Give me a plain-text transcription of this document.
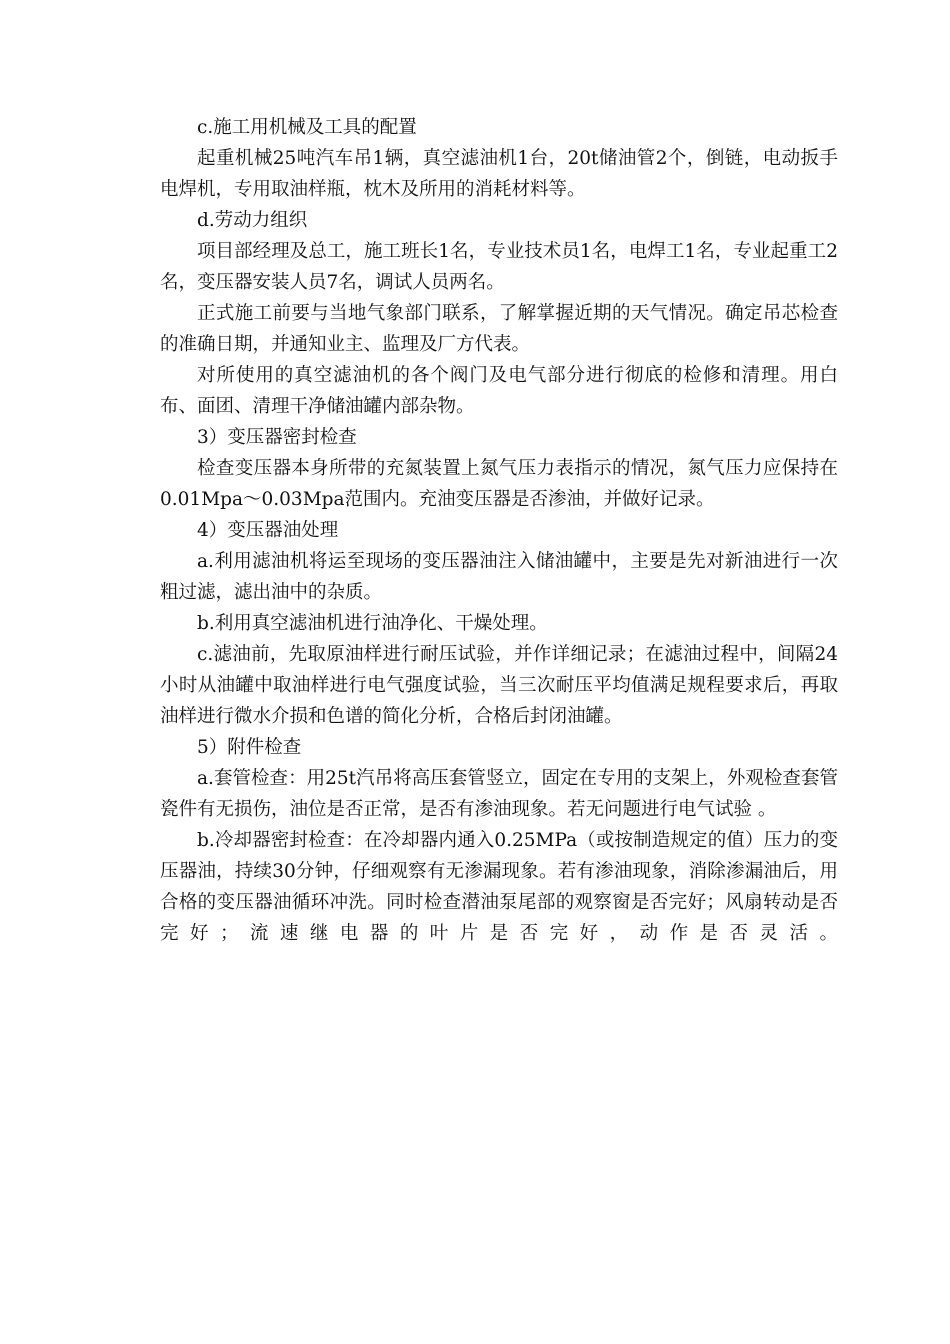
c.施工用机械及工具的配置

起重机械25吨汽车吊1辆，真空滤油机1台，20t储油管2个，倒链，电动扳手电焊机，专用取油样瓶，枕木及所用的消耗材料等。

d.劳动力组织

项目部经理及总工，施工班长1名，专业技术员1名，电焊工1名，专业起重工2名，变压器安装人员7名，调试人员两名。

正式施工前要与当地气象部门联系，了解掌握近期的天气情况。确定吊芯检查的准确日期，并通知业主、监理及厂方代表。

对所使用的真空滤油机的各个阀门及电气部分进行彻底的检修和清理。用白布、面团、清理干净储油罐内部杂物。

3）变压器密封检查

检查变压器本身所带的充氮装置上氮气压力表指示的情况，氮气压力应保持在0.01Mpa～0.03Mpa范围内。充油变压器是否渗油，并做好记录。

4）变压器油处理

a.利用滤油机将运至现场的变压器油注入储油罐中，主要是先对新油进行一次粗过滤，滤出油中的杂质。

b.利用真空滤油机进行油净化、干燥处理。

c.滤油前，先取原油样进行耐压试验，并作详细记录；在滤油过程中，间隔24小时从油罐中取油样进行电气强度试验，当三次耐压平均值满足规程要求后，再取油样进行微水介损和色谱的简化分析，合格后封闭油罐。

5）附件检查

a.套管检查：用25t汽吊将高压套管竖立，固定在专用的支架上，外观检查套管瓷件有无损伤，油位是否正常，是否有渗油现象。若无问题进行电气试验 。

b.冷却器密封检查：在冷却器内通入0.25MPa（或按制造规定的值）压力的变压器油，持续30分钟，仔细观察有无渗漏现象。若有渗油现象，消除渗漏油后，用合格的变压器油循环冲洗。同时检查潜油泵尾部的观察窗是否完好；风扇转动是否完好；流速继电器的叶片是否完好，动作是否灵活。
